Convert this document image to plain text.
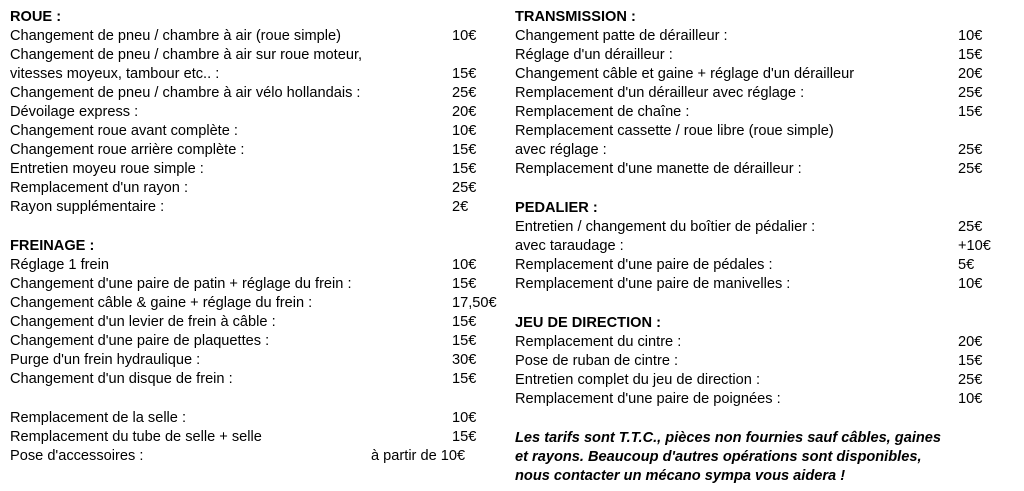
ROUE :
Changement de pneu / chambre à air (roue simple)	10€
Changement de pneu / chambre à air sur roue moteur,
vitesses moyeux, tambour etc.. :	15€
Changement de pneu / chambre à air vélo hollandais :	25€
Dévoilage express :	20€
Changement roue avant complète :	10€
Changement roue arrière complète :	15€
Entretien moyeu roue simple :	15€
Remplacement d'un rayon :	25€
Rayon supplémentaire :	2€
FREINAGE :
Réglage 1 frein	10€
Changement d'une paire de patin + réglage du frein :	15€
Changement câble & gaine + réglage du frein :	17,50€
Changement d'un levier de frein à câble :	15€
Changement d'une paire de plaquettes :	15€
Purge d'un frein hydraulique :	30€
Changement d'un disque de frein :	15€
Remplacement de la selle :	10€
Remplacement du tube de selle + selle	15€
Pose d'accessoires :	à partir de 10€
TRANSMISSION :
Changement patte de dérailleur :	10€
Réglage d'un dérailleur :	15€
Changement câble et gaine + réglage d'un dérailleur	20€
Remplacement d'un dérailleur avec réglage :	25€
Remplacement de chaîne :	15€
Remplacement cassette / roue libre (roue simple)
avec réglage :	25€
Remplacement d'une manette de dérailleur :	25€
PEDALIER :
Entretien / changement du boîtier de pédalier :	25€
avec taraudage :	+10€
Remplacement d'une paire de pédales :	5€
Remplacement d'une paire de manivelles :	10€
JEU DE DIRECTION :
Remplacement du cintre :	20€
Pose de ruban de cintre :	15€
Entretien complet du jeu de direction :	25€
Remplacement d'une paire de poignées :	10€
Les tarifs sont T.T.C., pièces non fournies sauf câbles, gaines
et rayons. Beaucoup d'autres opérations sont disponibles,
nous contacter un mécano sympa vous aidera !
